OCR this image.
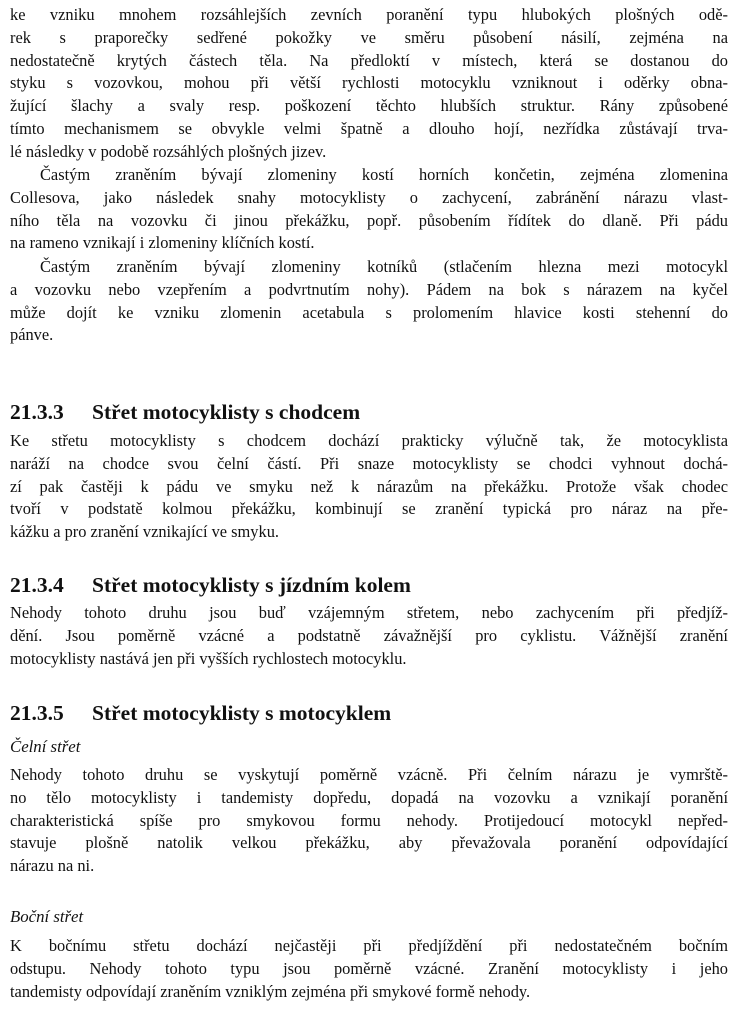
ke vzniku mnohem rozsáhlejších zevních poranění typu hlubokých plošných odě-
rek s praporečky sedřené pokožky ve směru působení násilí, zejména na
nedostatečně krytých částech těla. Na předloktí v místech, která se dostanou do
styku s vozovkou, mohou při větší rychlosti motocyklu vzniknout i oděrky obna-
žující šlachy a svaly resp. poškození těchto hlubších struktur. Rány způsobené
tímto mechanismem se obvykle velmi špatně a dlouho hojí, nezřídka zůstávají trva-
lé následky v podobě rozsáhlých plošných jizev.
Častým zraněním bývají zlomeniny kostí horních končetin, zejména zlomenina
Collesova, jako následek snahy motocyklisty o zachycení, zabránění nárazu vlast-
ního těla na vozovku či jinou překážku, popř. působením řídítek do dlaně. Při pádu
na rameno vznikají i zlomeniny klíčních kostí.
Častým zraněním bývají zlomeniny kotníků (stlačením hlezna mezi motocykl
a vozovku nebo vzepřením a podvrtnutím nohy). Pádem na bok s nárazem na kyčel
může dojít ke vzniku zlomenin acetabula s prolomením hlavice kosti stehenní do
pánve.
21.3.3 Střet motocyklisty s chodcem
Ke střetu motocyklisty s chodcem dochází prakticky výlučně tak, že motocyklista
naráží na chodce svou čelní částí. Při snaze motocyklisty se chodci vyhnout dochá-
zí pak častěji k pádu ve smyku než k nárazům na překážku. Protože však chodec
tvoří v podstatě kolmou překážku, kombinují se zranění typická pro náraz na pře-
kážku a pro zranění vznikající ve smyku.
21.3.4 Střet motocyklisty s jízdním kolem
Nehody tohoto druhu jsou buď vzájemným střetem, nebo zachycením při předjíž-
dění. Jsou poměrně vzácné a podstatně závažnější pro cyklistu. Vážnější zranění
motocyklisty nastává jen při vyšších rychlostech motocyklu.
21.3.5 Střet motocyklisty s motocyklem
Čelní střet
Nehody tohoto druhu se vyskytují poměrně vzácně. Při čelním nárazu je vymrště-
no tělo motocyklisty i tandemisty dopředu, dopadá na vozovku a vznikají poranění
charakteristická spíše pro smykovou formu nehody. Protijedoucí motocykl nepřed-
stavuje plošně natolik velkou překážku, aby převažovala poranění odpovídající
nárazu na ni.
Boční střet
K bočnímu střetu dochází nejčastěji při předjíždění při nedostatečném bočním
odstupu. Nehody tohoto typu jsou poměrně vzácné. Zranění motocyklisty i jeho
tandemisty odpovídají zraněním vzniklým zejména při smykové formě nehody.
